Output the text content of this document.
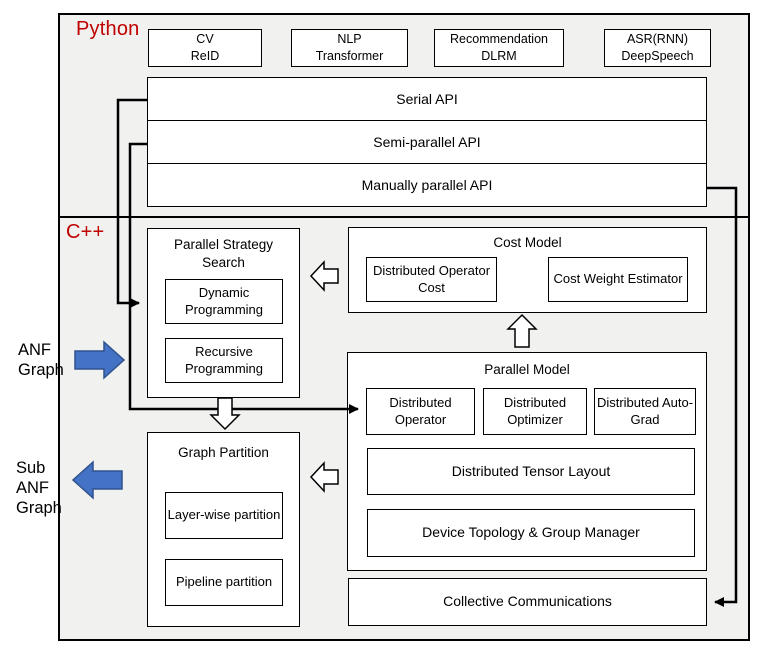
Python	CV
ReID
NLP
Transformer
Recommendation
DLRM
ASR(RNN)
DeepSpeech
Serial API
Semi-parallel API
Manually parallel API
C++
Parallel Strategy Search
Dynamic Programming
Recursive Programming
Cost Model
Distributed Operator Cost
Cost Weight Estimator
Parallel Model
Distributed Operator
Distributed Optimizer
Distributed Auto-Grad
Distributed Tensor Layout
Device Topology & Group Manager
Graph Partition
Layer-wise partition
Pipeline partition
Collective Communications
ANF Graph
Sub ANF Graph
